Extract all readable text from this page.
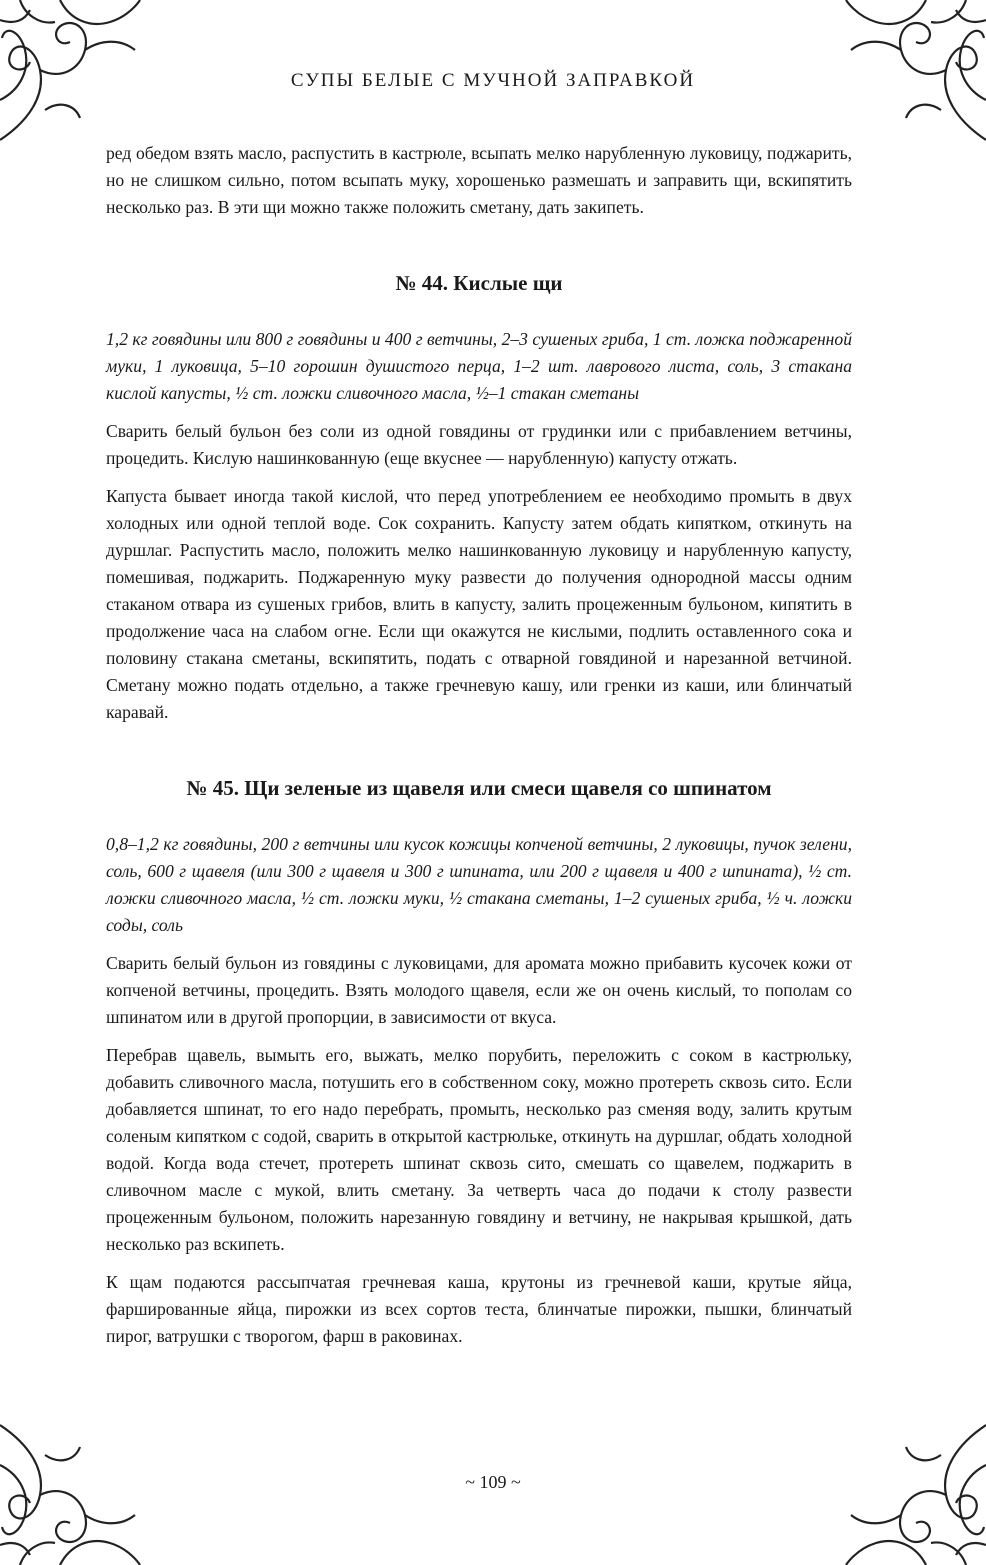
СУПЫ БЕЛЫЕ С МУЧНОЙ ЗАПРАВКОЙ

ред обедом взять масло, распустить в кастрюле, всыпать мелко нарубленную луковицу, поджарить, но не слишком сильно, потом всыпать муку, хорошенько размешать и заправить щи, вскипятить несколько раз. В эти щи можно также положить сметану, дать закипеть.

№ 44. Кислые щи

1,2 кг говядины или 800 г говядины и 400 г ветчины, 2–3 сушеных гриба, 1 ст. ложка поджаренной муки, 1 луковица, 5–10 горошин душистого перца, 1–2 шт. лаврового листа, соль, 3 стакана кислой капусты, ½ ст. ложки сливочного масла, ½–1 стакан сметаны

Сварить белый бульон без соли из одной говядины от грудинки или с прибавлением ветчины, процедить. Кислую нашинкованную (еще вкуснее — нарубленную) капусту отжать.

Капуста бывает иногда такой кислой, что перед употреблением ее необходимо промыть в двух холодных или одной теплой воде. Сок сохранить. Капусту затем обдать кипятком, откинуть на дуршлаг. Распустить масло, положить мелко нашинкованную луковицу и нарубленную капусту, помешивая, поджарить. Поджаренную муку развести до получения однородной массы одним стаканом отвара из сушеных грибов, влить в капусту, залить процеженным бульоном, кипятить в продолжение часа на слабом огне. Если щи окажутся не кислыми, подлить оставленного сока и половину стакана сметаны, вскипятить, подать с отварной говядиной и нарезанной ветчиной. Сметану можно подать отдельно, а также гречневую кашу, или гренки из каши, или блинчатый каравай.

№ 45. Щи зеленые из щавеля или смеси щавеля со шпинатом

0,8–1,2 кг говядины, 200 г ветчины или кусок кожицы копченой ветчины, 2 луковицы, пучок зелени, соль, 600 г щавеля (или 300 г щавеля и 300 г шпината, или 200 г щавеля и 400 г шпината), ½ ст. ложки сливочного масла, ½ ст. ложки муки, ½ стакана сметаны, 1–2 сушеных гриба, ½ ч. ложки соды, соль

Сварить белый бульон из говядины с луковицами, для аромата можно прибавить кусочек кожи от копченой ветчины, процедить. Взять молодого щавеля, если же он очень кислый, то пополам со шпинатом или в другой пропорции, в зависимости от вкуса.

Перебрав щавель, вымыть его, выжать, мелко порубить, переложить с соком в кастрюльку, добавить сливочного масла, потушить его в собственном соку, можно протереть сквозь сито. Если добавляется шпинат, то его надо перебрать, промыть, несколько раз сменяя воду, залить крутым соленым кипятком с содой, сварить в открытой кастрюльке, откинуть на дуршлаг, обдать холодной водой. Когда вода стечет, протереть шпинат сквозь сито, смешать со щавелем, поджарить в сливочном масле с мукой, влить сметану. За четверть часа до подачи к столу развести процеженным бульоном, положить нарезанную говядину и ветчину, не накрывая крышкой, дать несколько раз вскипеть.

К щам подаются рассыпчатая гречневая каша, крутоны из гречневой каши, крутые яйца, фаршированные яйца, пирожки из всех сортов теста, блинчатые пирожки, пышки, блинчатый пирог, ватрушки с творогом, фарш в раковинах.

~ 109 ~
